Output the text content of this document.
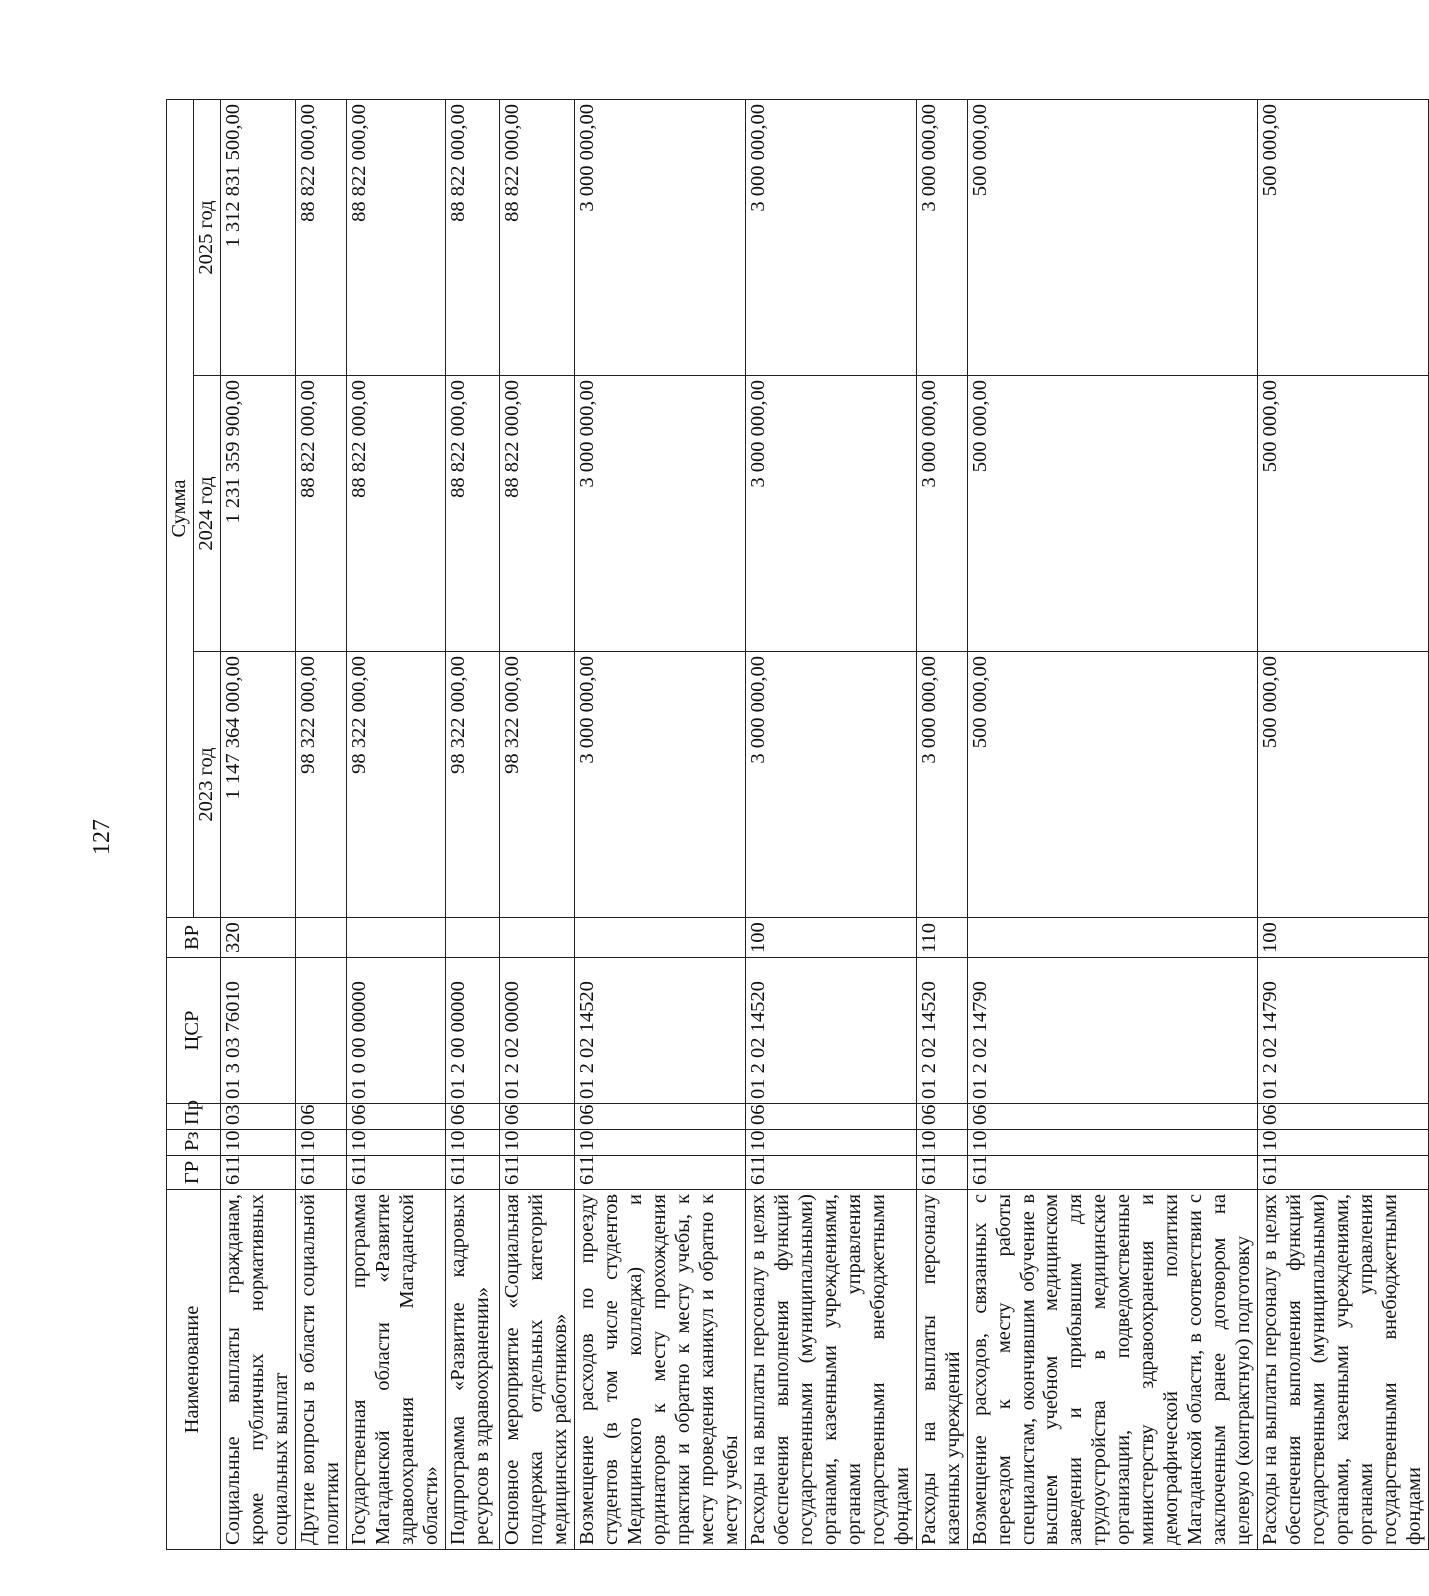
127
Наименование	ГР	Рз	Пр	ЦСР	ВР	Сумма		
						2023 год	2024 год	2025 год
Социальные выплаты гражданам, кроме публичных нормативных социальных выплат	611	10	03	01 3 03 76010	320	1 147 364 000,00	1 231 359 900,00	1 312 831 500,00
Другие вопросы в области социальной политики	611	10	06			98 322 000,00	88 822 000,00	88 822 000,00
Государственная программа Магаданской области «Развитие здравоохранения Магаданской области»	611	10	06	01 0 00 00000		98 322 000,00	88 822 000,00	88 822 000,00
Подпрограмма «Развитие кадровых ресурсов в здравоохранении»	611	10	06	01 2 00 00000		98 322 000,00	88 822 000,00	88 822 000,00
Основное мероприятие «Социальная поддержка отдельных категорий медицинских работников»	611	10	06	01 2 02 00000		98 322 000,00	88 822 000,00	88 822 000,00
Возмещение расходов по проезду студентов (в том числе студентов Медицинского колледжа) и ординаторов к месту прохождения практики и обратно к месту учебы, к месту проведения каникул и обратно к месту учебы	611	10	06	01 2 02 14520		3 000 000,00	3 000 000,00	3 000 000,00
Расходы на выплаты персоналу в целях обеспечения выполнения функций государственными (муниципальными) органами, казенными учреждениями, органами управления государственными внебюджетными фондами	611	10	06	01 2 02 14520	100	3 000 000,00	3 000 000,00	3 000 000,00
Расходы на выплаты персоналу казенных учреждений	611	10	06	01 2 02 14520	110	3 000 000,00	3 000 000,00	3 000 000,00
Возмещение расходов, связанных с переездом к месту работы специалистам, окончившим обучение в высшем учебном медицинском заведении и прибывшим для трудоустройства в медицинские организации, подведомственные министерству здравоохранения и демографической политики Магаданской области, в соответствии с заключенным ранее договором на целевую (контрактную) подготовку	611	10	06	01 2 02 14790		500 000,00	500 000,00	500 000,00
Расходы на выплаты персоналу в целях обеспечения выполнения функций государственными (муниципальными) органами, казенными учреждениями, органами управления государственными внебюджетными фондами	611	10	06	01 2 02 14790	100	500 000,00	500 000,00	500 000,00
